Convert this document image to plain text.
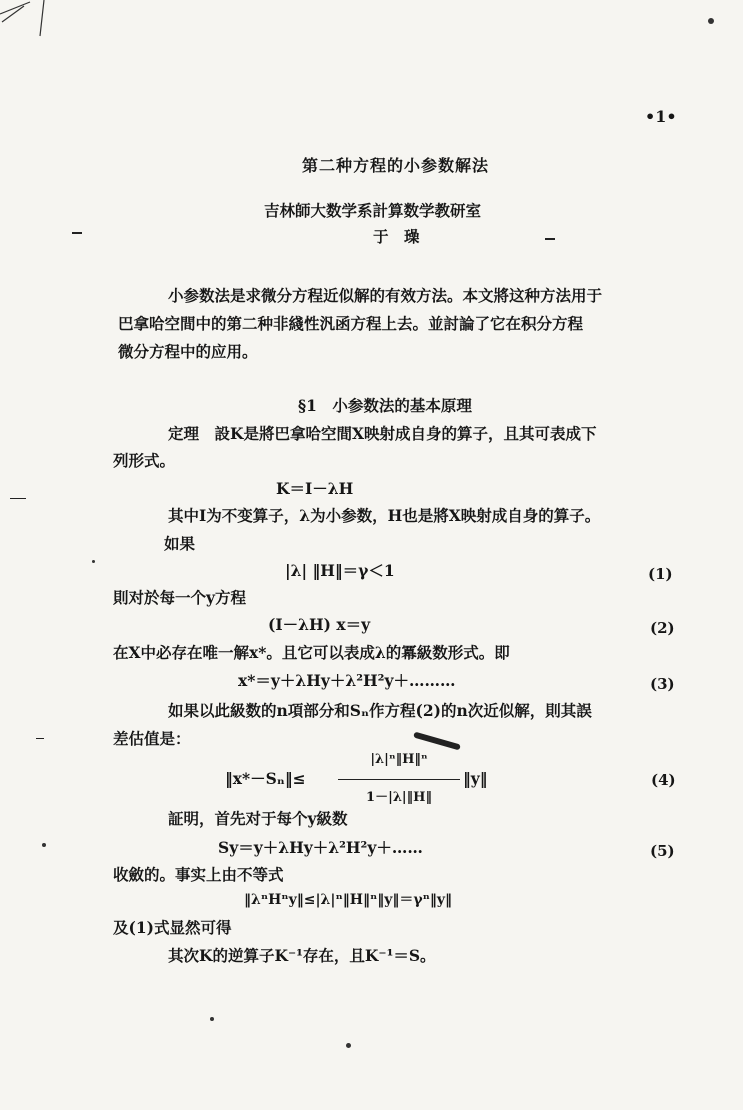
•1•
第二种方程的小参数解法
吉林師大数学系計算数学教研室
于　璪
小参数法是求微分方程近似解的有效方法。本文將这种方法用于
巴拿哈空間中的第二种非綫性汎函方程上去。並討論了它在积分方程
微分方程中的应用。
§1　小参数法的基本原理
定理　設K是將巴拿哈空間X映射成自身的算子，且其可表成下
列形式。
K＝I－λH
其中I为不变算子，λ为小参数，H也是將X映射成自身的算子。
如果
|λ| ‖H‖＝γ＜1	(1)
則对於每一个y方程
(I－λH) x＝y	(2)
在X中必存在唯一解x*。且它可以表成λ的冪級数形式。即
x*＝y＋λHy＋λ²H²y＋………	(3)
如果以此級数的n項部分和Sₙ作方程(2)的n次近似解，則其誤
差估值是：
‖x*－Sₙ‖≤
|λ|ⁿ‖H‖ⁿ
1－|λ|‖H‖
‖y‖	(4)
証明，首先对于每个y級数
Sy＝y＋λHy＋λ²H²y＋……	(5)
收斂的。事实上由不等式
‖λⁿHⁿy‖≤|λ|ⁿ‖H‖ⁿ‖y‖＝γⁿ‖y‖
及(1)式显然可得
其次K的逆算子K⁻¹存在，且K⁻¹＝S。
